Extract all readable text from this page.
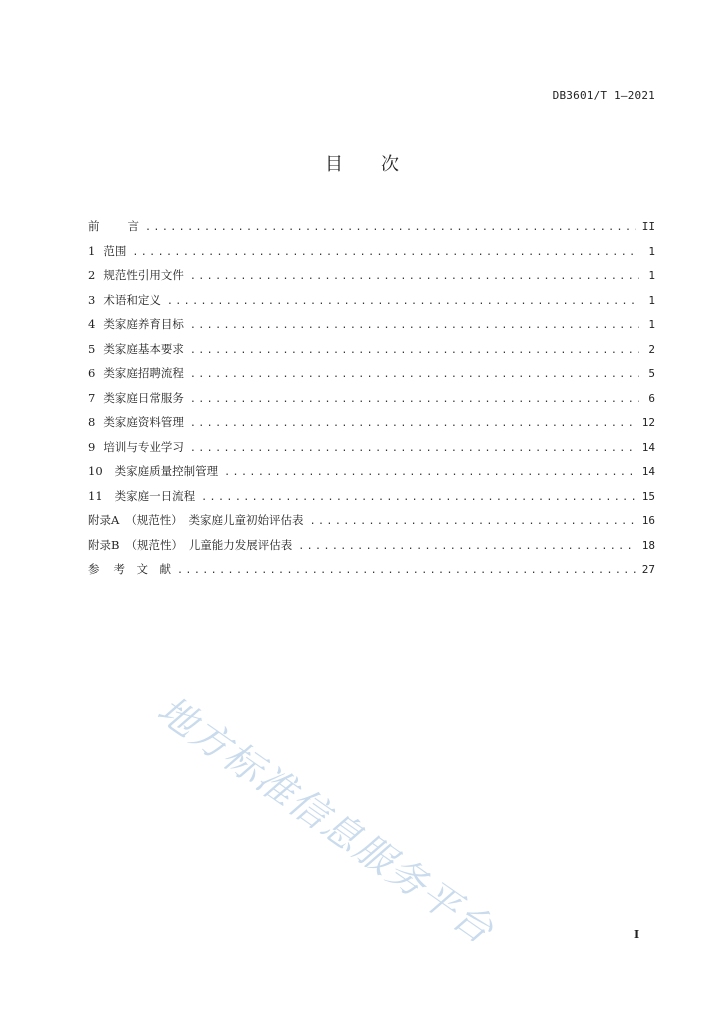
DB3601/T 1—2021
目次
前	言 .....	II
1 范围 .....	1
2 规范性引用文件 .....	1
3 术语和定义 .....	1
4 类家庭养育目标 .....	1
5 类家庭基本要求 .....	2
6 类家庭招聘流程 .....	5
7 类家庭日常服务 .....	6
8 类家庭资料管理 .....	12
9 培训与专业学习 .....	14
10	类家庭质量控制管理 .....	14
11	类家庭一日流程 .....	15
附录A （规范性）　类家庭儿童初始评估表 .....	16
附录B （规范性）　儿童能力发展评估表 .....	18
参	考　文　献 .....	27
地方标准信息服务平台	I
